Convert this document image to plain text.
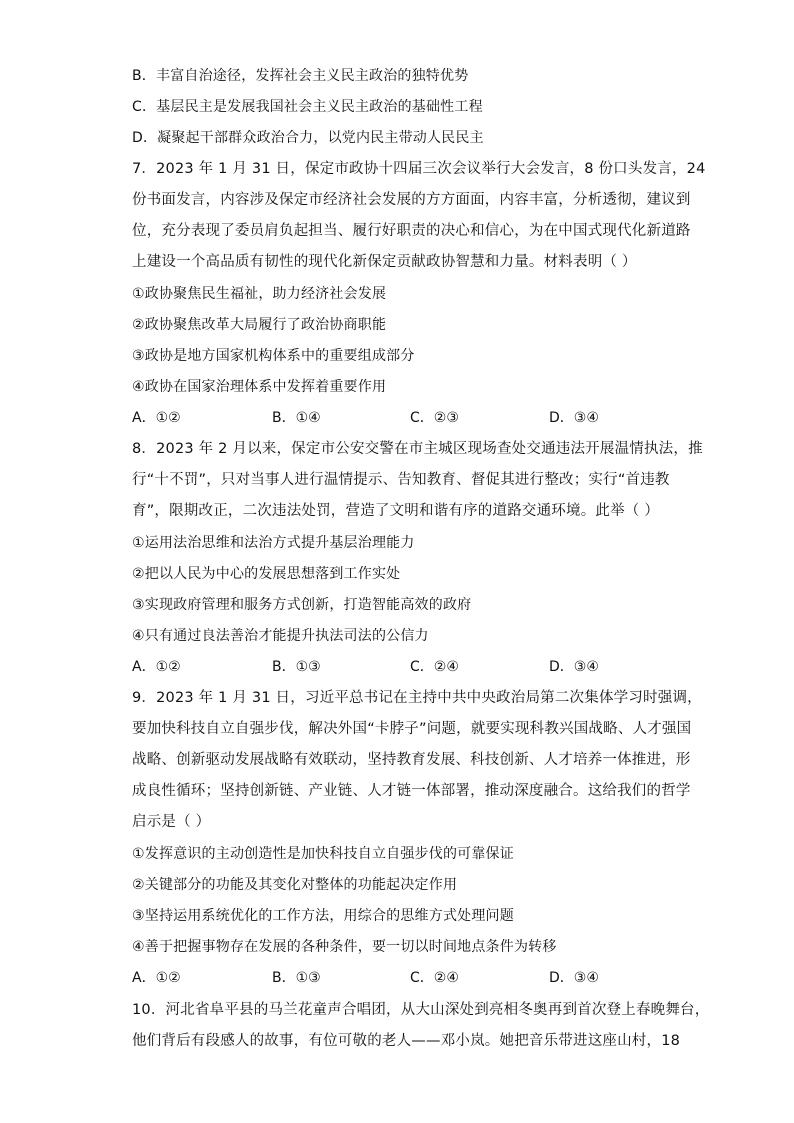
B．丰富自治途径，发挥社会主义民主政治的独特优势
C．基层民主是发展我国社会主义民主政治的基础性工程
D．凝聚起干部群众政治合力，以党内民主带动人民民主
7．2023 年 1 月 31 日，保定市政协十四届三次会议举行大会发言，8 份口头发言，24
份书面发言，内容涉及保定市经济社会发展的方方面面，内容丰富，分析透彻，建议到
位，充分表现了委员肩负起担当、履行好职责的决心和信心，为在中国式现代化新道路
上建设一个高品质有韧性的现代化新保定贡献政协智慧和力量。材料表明（ ）
①政协聚焦民生福祉，助力经济社会发展
②政协聚焦改革大局履行了政治协商职能
③政协是地方国家机构体系中的重要组成部分
④政协在国家治理体系中发挥着重要作用
A．①②	B．①④	C．②③	D．③④
8．2023 年 2 月以来，保定市公安交警在市主城区现场查处交通违法开展温情执法，推
行“十不罚”，只对当事人进行温情提示、告知教育、督促其进行整改；实行“首违教
育”，限期改正，二次违法处罚，营造了文明和谐有序的道路交通环境。此举（ ）
①运用法治思维和法治方式提升基层治理能力
②把以人民为中心的发展思想落到工作实处
③实现政府管理和服务方式创新，打造智能高效的政府
④只有通过良法善治才能提升执法司法的公信力
A．①②	B．①③	C．②④	D．③④
9．2023 年 1 月 31 日，习近平总书记在主持中共中央政治局第二次集体学习时强调，
要加快科技自立自强步伐，解决外国“卡脖子”问题，就要实现科教兴国战略、人才强国
战略、创新驱动发展战略有效联动，坚持教育发展、科技创新、人才培养一体推进，形
成良性循环；坚持创新链、产业链、人才链一体部署，推动深度融合。这给我们的哲学
启示是（ ）
①发挥意识的主动创造性是加快科技自立自强步伐的可靠保证
②关键部分的功能及其变化对整体的功能起决定作用
③坚持运用系统优化的工作方法，用综合的思维方式处理问题
④善于把握事物存在发展的各种条件，要一切以时间地点条件为转移
A．①②	B．①③	C．②④	D．③④
10．河北省阜平县的马兰花童声合唱团，从大山深处到亮相冬奥再到首次登上春晚舞台，
他们背后有段感人的故事，有位可敬的老人——邓小岚。她把音乐带进这座山村，18
